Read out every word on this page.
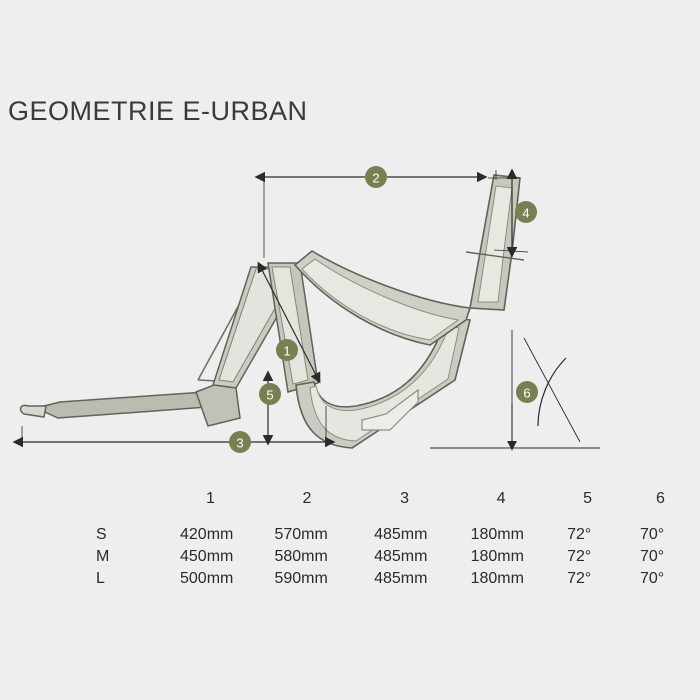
GEOMETRIE E-URBAN
1
2
3
4
5	6
	1	2	3	4	5	6
S	420mm	570mm	485mm	180mm	72°	70°
M	450mm	580mm	485mm	180mm	72°	70°
L	500mm	590mm	485mm	180mm	72°	70°
